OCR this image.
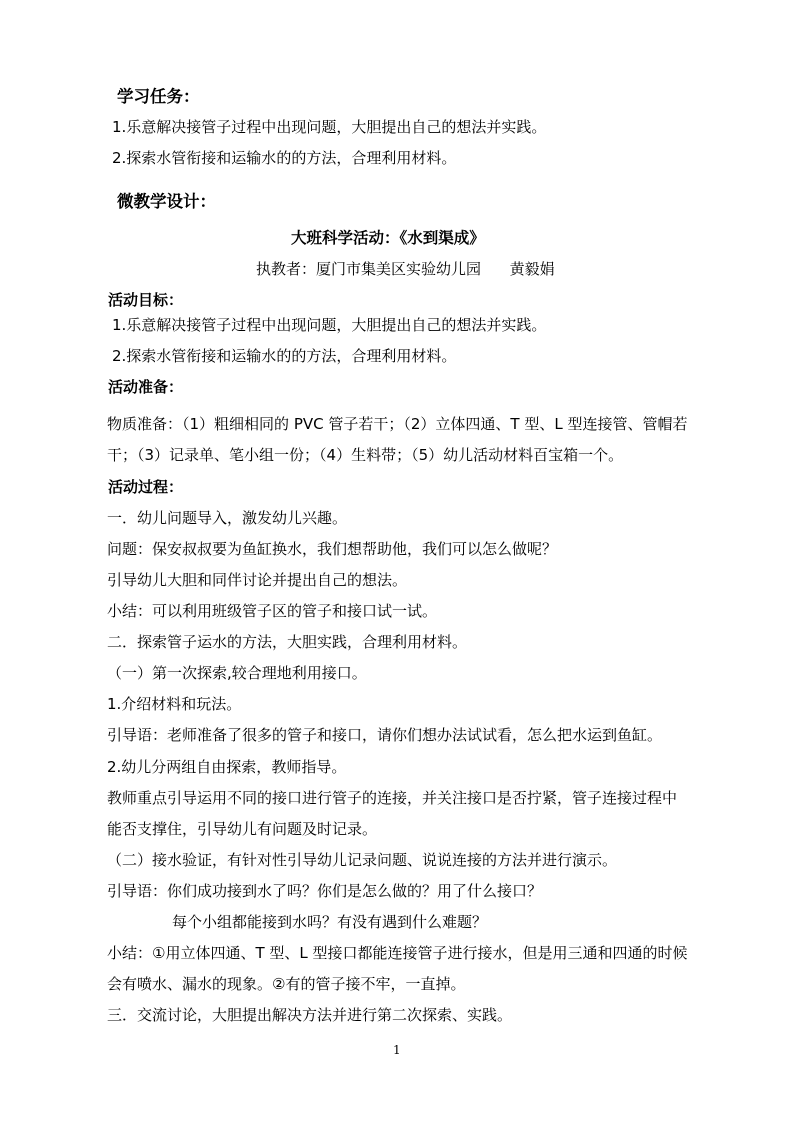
学习任务：

1.乐意解决接管子过程中出现问题，大胆提出自己的想法并实践。

2.探索水管衔接和运输水的的方法，合理利用材料。

微教学设计：

大班科学活动：《水到渠成》

执教者：厦门市集美区实验幼儿园      黄毅娟

活动目标：

1.乐意解决接管子过程中出现问题，大胆提出自己的想法并实践。

2.探索水管衔接和运输水的的方法，合理利用材料。

活动准备：

物质准备：（1）粗细相同的 PVC 管子若干；（2）立体四通、T 型、L 型连接管、管帽若

干；（3）记录单、笔小组一份；（4）生料带；（5）幼儿活动材料百宝箱一个。

活动过程：

一．幼儿问题导入，激发幼儿兴趣。

问题：保安叔叔要为鱼缸换水，我们想帮助他，我们可以怎么做呢？

引导幼儿大胆和同伴讨论并提出自己的想法。

小结：可以利用班级管子区的管子和接口试一试。

二．探索管子运水的方法，大胆实践，合理利用材料。

（一）第一次探索,较合理地利用接口。

1.介绍材料和玩法。

引导语：老师准备了很多的管子和接口，请你们想办法试试看，怎么把水运到鱼缸。

2.幼儿分两组自由探索，教师指导。

教师重点引导运用不同的接口进行管子的连接，并关注接口是否拧紧，管子连接过程中

能否支撑住，引导幼儿有问题及时记录。

（二）接水验证，有针对性引导幼儿记录问题、说说连接的方法并进行演示。

引导语：你们成功接到水了吗？你们是怎么做的？用了什么接口？

每个小组都能接到水吗？有没有遇到什么难题？

小结：①用立体四通、T 型、L 型接口都能连接管子进行接水，但是用三通和四通的时候

会有喷水、漏水的现象。②有的管子接不牢，一直掉。

三．交流讨论，大胆提出解决方法并进行第二次探索、实践。

1
